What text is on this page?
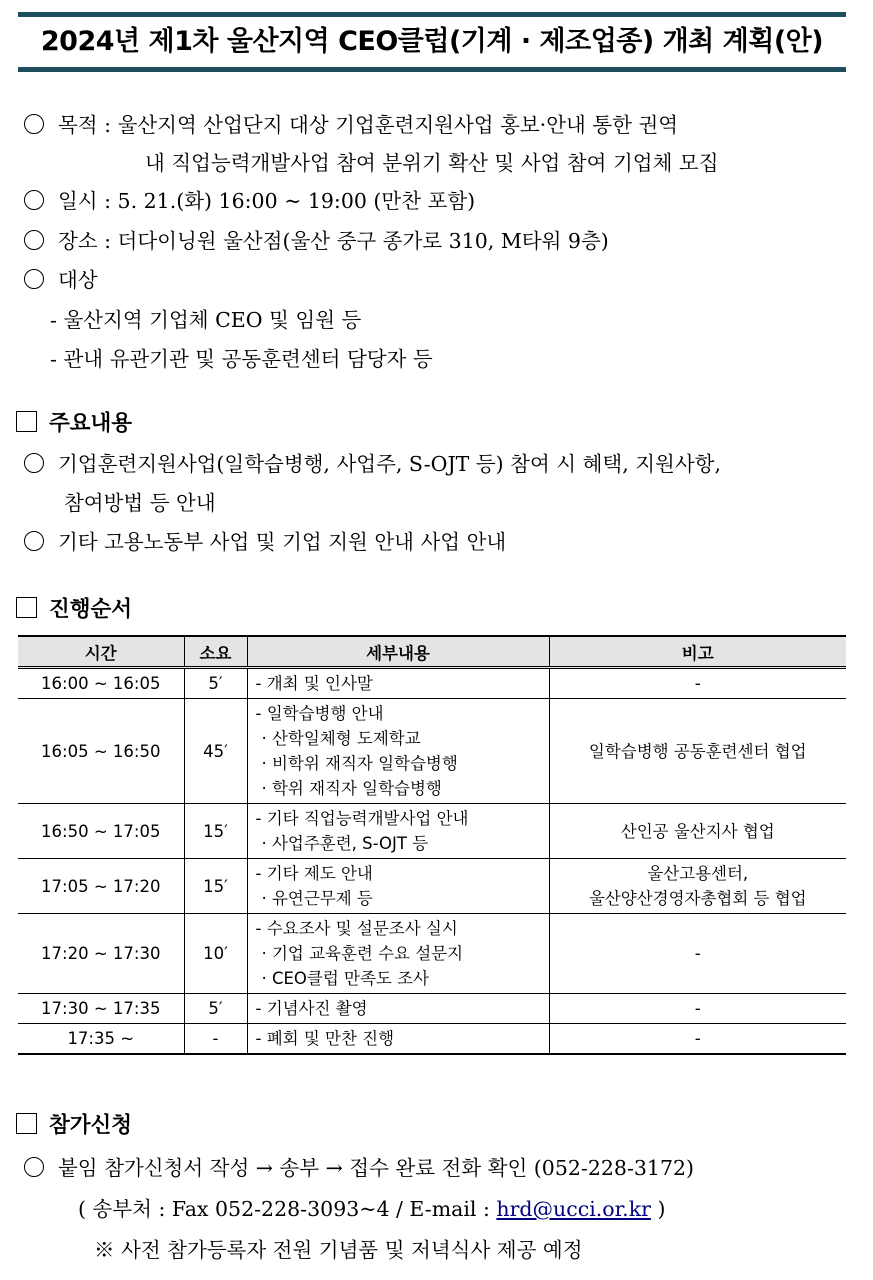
2024년 제1차 울산지역 CEO클럽(기계 · 제조업종) 개최 계획(안)
목적 : 울산지역 산업단지 대상 기업훈련지원사업 홍보·안내 통한 권역
내 직업능력개발사업 참여 분위기 확산 및 사업 참여 기업체 모집
일시 : 5. 21.(화) 16:00 ~ 19:00 (만찬 포함)
장소 : 더다이닝원 울산점(울산 중구 종가로 310, M타워 9층)
대상
- 울산지역 기업체 CEO 및 임원 등
- 관내 유관기관 및 공동훈련센터 담당자 등
주요내용
기업훈련지원사업(일학습병행, 사업주, S-OJT 등) 참여 시 혜택, 지원사항,
참여방법 등 안내
기타 고용노동부 사업 및 기업 지원 안내 사업 안내
진행순서
시간	소요	세부내용	비고
16:00 ~ 16:05	5′	- 개최 및 인사말	-
16:05 ~ 16:50	45′	- 일학습병행 안내
· 산학일체형 도제학교
· 비학위 재직자 일학습병행
· 학위 재직자 일학습병행	일학습병행 공동훈련센터 협업
16:50 ~ 17:05	15′	- 기타 직업능력개발사업 안내
· 사업주훈련, S-OJT 등	산인공 울산지사 협업
17:05 ~ 17:20	15′	- 기타 제도 안내
· 유연근무제 등	울산고용센터,
울산양산경영자총협회 등 협업
17:20 ~ 17:30	10′	- 수요조사 및 설문조사 실시
· 기업 교육훈련 수요 설문지
· CEO클럽 만족도 조사	-
17:30 ~ 17:35	5′	- 기념사진 촬영	-
17:35 ~	-	- 폐회 및 만찬 진행	-
참가신청
붙임 참가신청서 작성 → 송부 → 접수 완료 전화 확인 (052-228-3172)
( 송부처 : Fax 052-228-3093~4 / E-mail : hrd@ucci.or.kr )
※ 사전 참가등록자 전원 기념품 및 저녁식사 제공 예정
